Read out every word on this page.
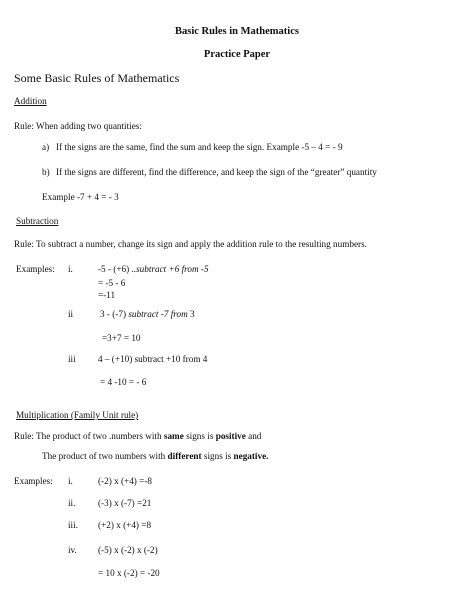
Basic Rules in Mathematics
Practice Paper
Some Basic Rules of Mathematics
Addition
Rule: When adding two quantities:
a) If the signs are the same, find the sum and keep the sign. Example -5 – 4 = - 9
b) If the signs are different, find the difference, and keep the sign of the “greater” quantity
Example -7 + 4 = - 3
Subtraction
Rule: To subtract a number, change its sign and apply the addition rule to the resulting numbers.
Examples: i.	-5 - (+6) ..subtract +6 from -5
= -5 - 6
=-11
ii	3 - (-7) subtract -7 from 3
=3+7 = 10
iii 4 – (+10) subtract +10 from 4
= 4 -10 = - 6
Multiplication (Family Unit rule)
Rule: The product of two .numbers with same signs is positive and
The product of two numbers with different signs is negative.
Examples: i.	(-2) x (+4) =-8
ii. (-3) x (-7) =21
iii. (+2) x (+4) =8
iv. (-5) x (-2) x (-2)
= 10 x (-2) = -20
